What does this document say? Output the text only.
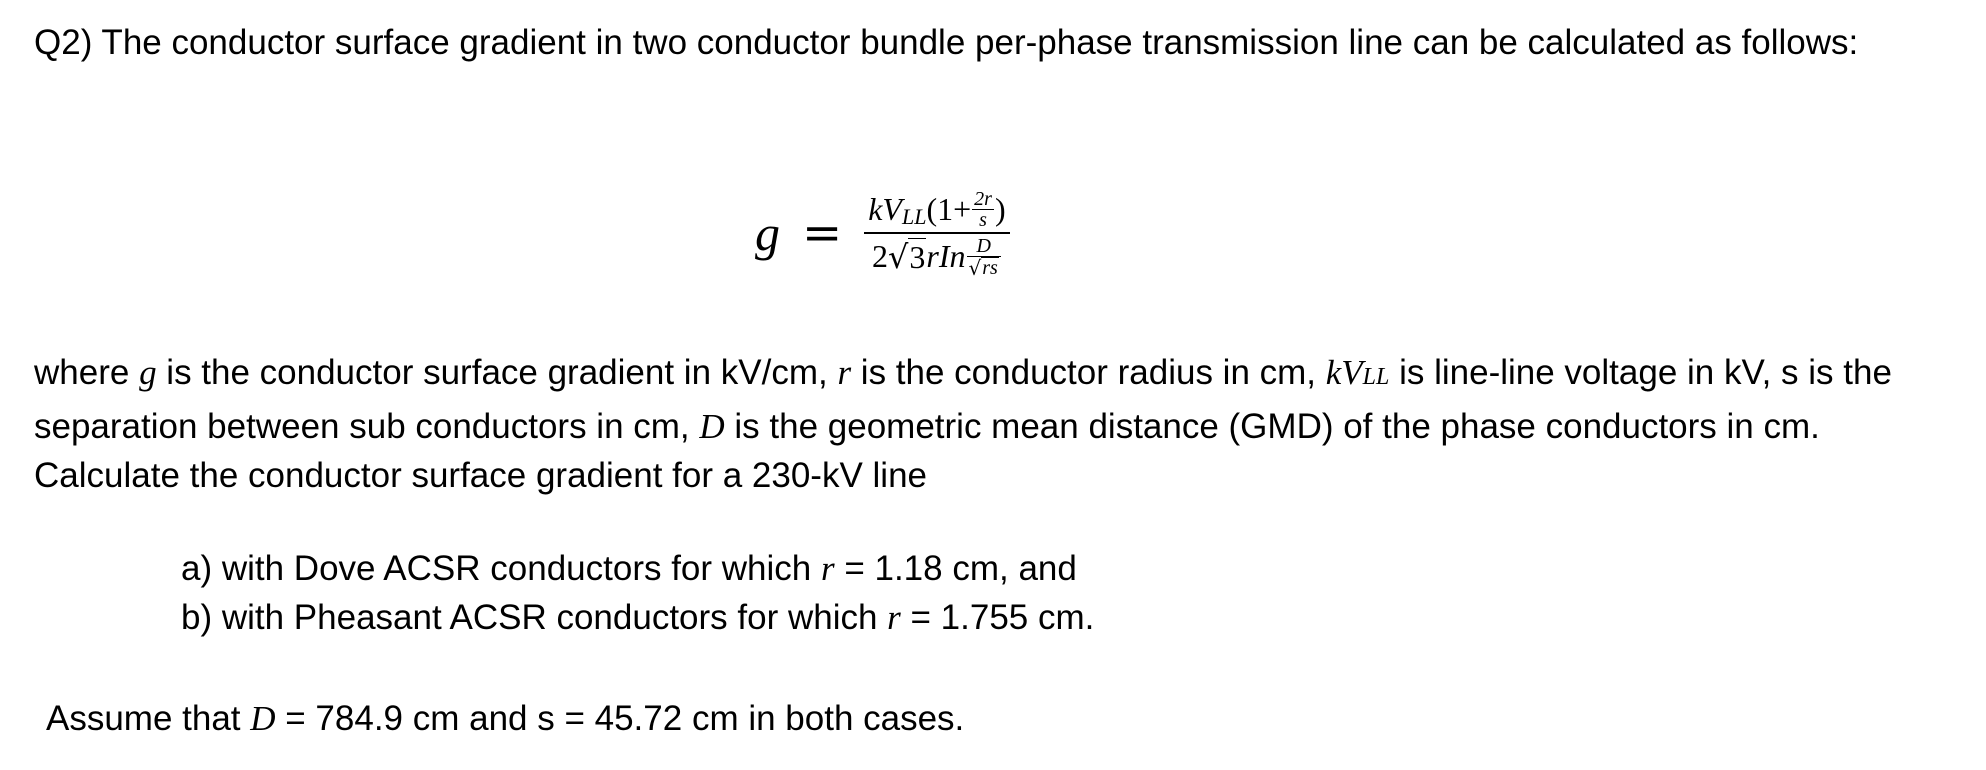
Q2) The conductor surface gradient in two conductor bundle per-phase transmission line can be calculated as follows:

$g = \frac{kV LL (1+ \frac{2r}{s} )}{2 √ 3 rIn \frac{D}{√ rs}}$

where g is the conductor surface gradient in kV/cm, r is the conductor radius in cm, kVLL is line-line voltage in kV, s is the separation between sub conductors in cm, D is the geometric mean distance (GMD) of the phase conductors in cm. Calculate the conductor surface gradient for a 230-kV line

a) with Dove ACSR conductors for which r = 1.18 cm, and
b) with Pheasant ACSR conductors for which r = 1.755 cm.

Assume that D = 784.9 cm and s = 45.72 cm in both cases.
